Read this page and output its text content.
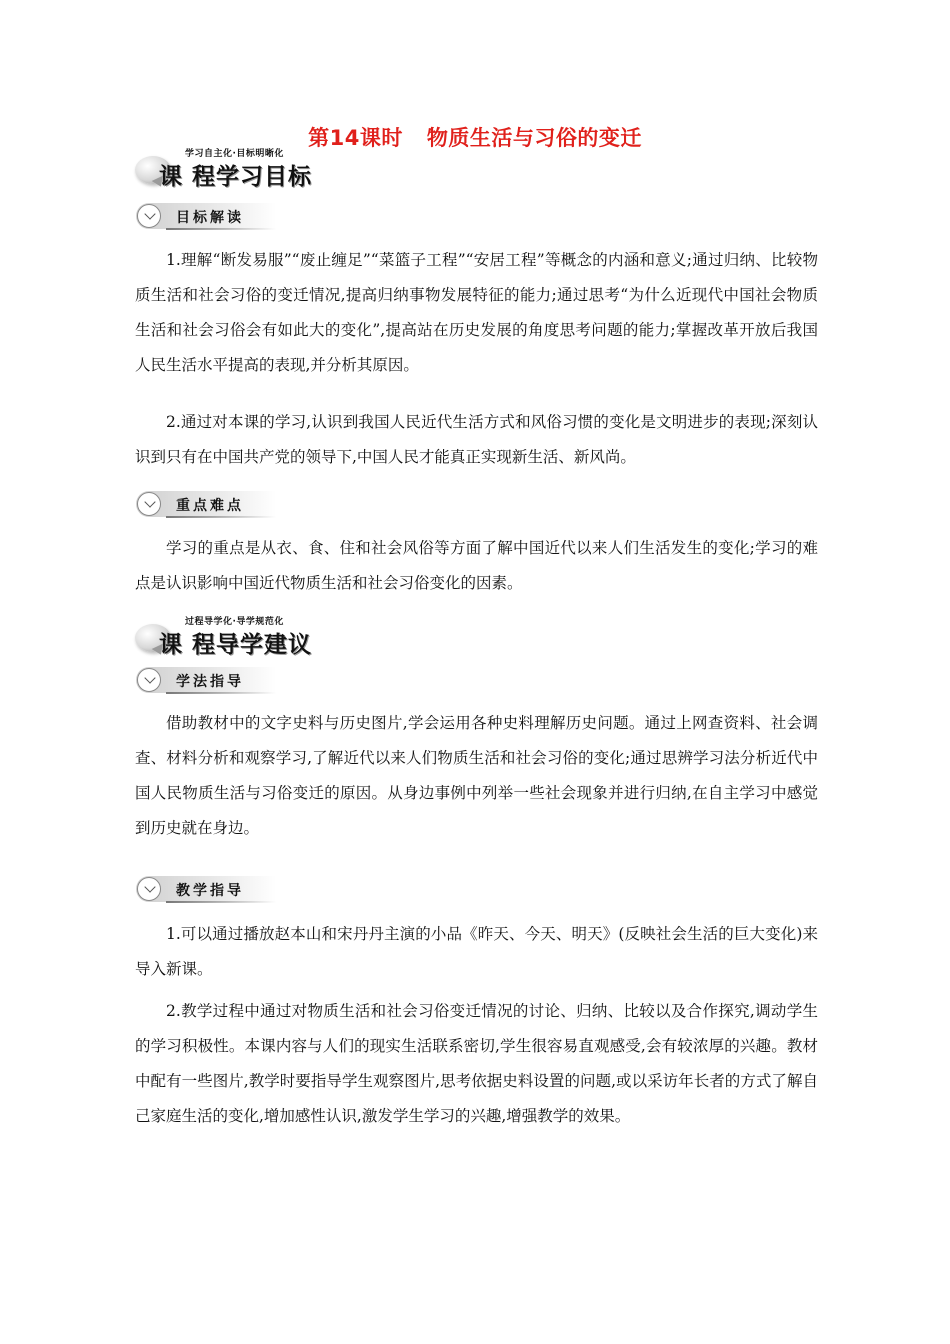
第14课时 物质生活与习俗的变迁
学习自主化·目标明晰化
课 程学习目标
目标解读

1.理解“断发易服”“废止缠足”“菜篮子工程”“安居工程”等概念的内涵和意义;通过归纳、比较物质生活和社会习俗的变迁情况,提高归纳事物发展特征的能力;通过思考“为什么近现代中国社会物质生活和社会习俗会有如此大的变化”,提高站在历史发展的角度思考问题的能力;掌握改革开放后我国人民生活水平提高的表现,并分析其原因。

2.通过对本课的学习,认识到我国人民近代生活方式和风俗习惯的变化是文明进步的表现;深刻认识到只有在中国共产党的领导下,中国人民才能真正实现新生活、新风尚。

重点难点

学习的重点是从衣、食、住和社会风俗等方面了解中国近代以来人们生活发生的变化;学习的难点是认识影响中国近代物质生活和社会习俗变化的因素。

过程导学化·导学规范化
课 程导学建议
学法指导

借助教材中的文字史料与历史图片,学会运用各种史料理解历史问题。通过上网查资料、社会调查、材料分析和观察学习,了解近代以来人们物质生活和社会习俗的变化;通过思辨学习法分析近代中国人民物质生活与习俗变迁的原因。从身边事例中列举一些社会现象并进行归纳,在自主学习中感觉到历史就在身边。

教学指导

1.可以通过播放赵本山和宋丹丹主演的小品《昨天、今天、明天》(反映社会生活的巨大变化)来导入新课。

2.教学过程中通过对物质生活和社会习俗变迁情况的讨论、归纳、比较以及合作探究,调动学生的学习积极性。本课内容与人们的现实生活联系密切,学生很容易直观感受,会有较浓厚的兴趣。教材中配有一些图片,教学时要指导学生观察图片,思考依据史料设置的问题,或以采访年长者的方式了解自己家庭生活的变化,增加感性认识,激发学生学习的兴趣,增强教学的效果。
